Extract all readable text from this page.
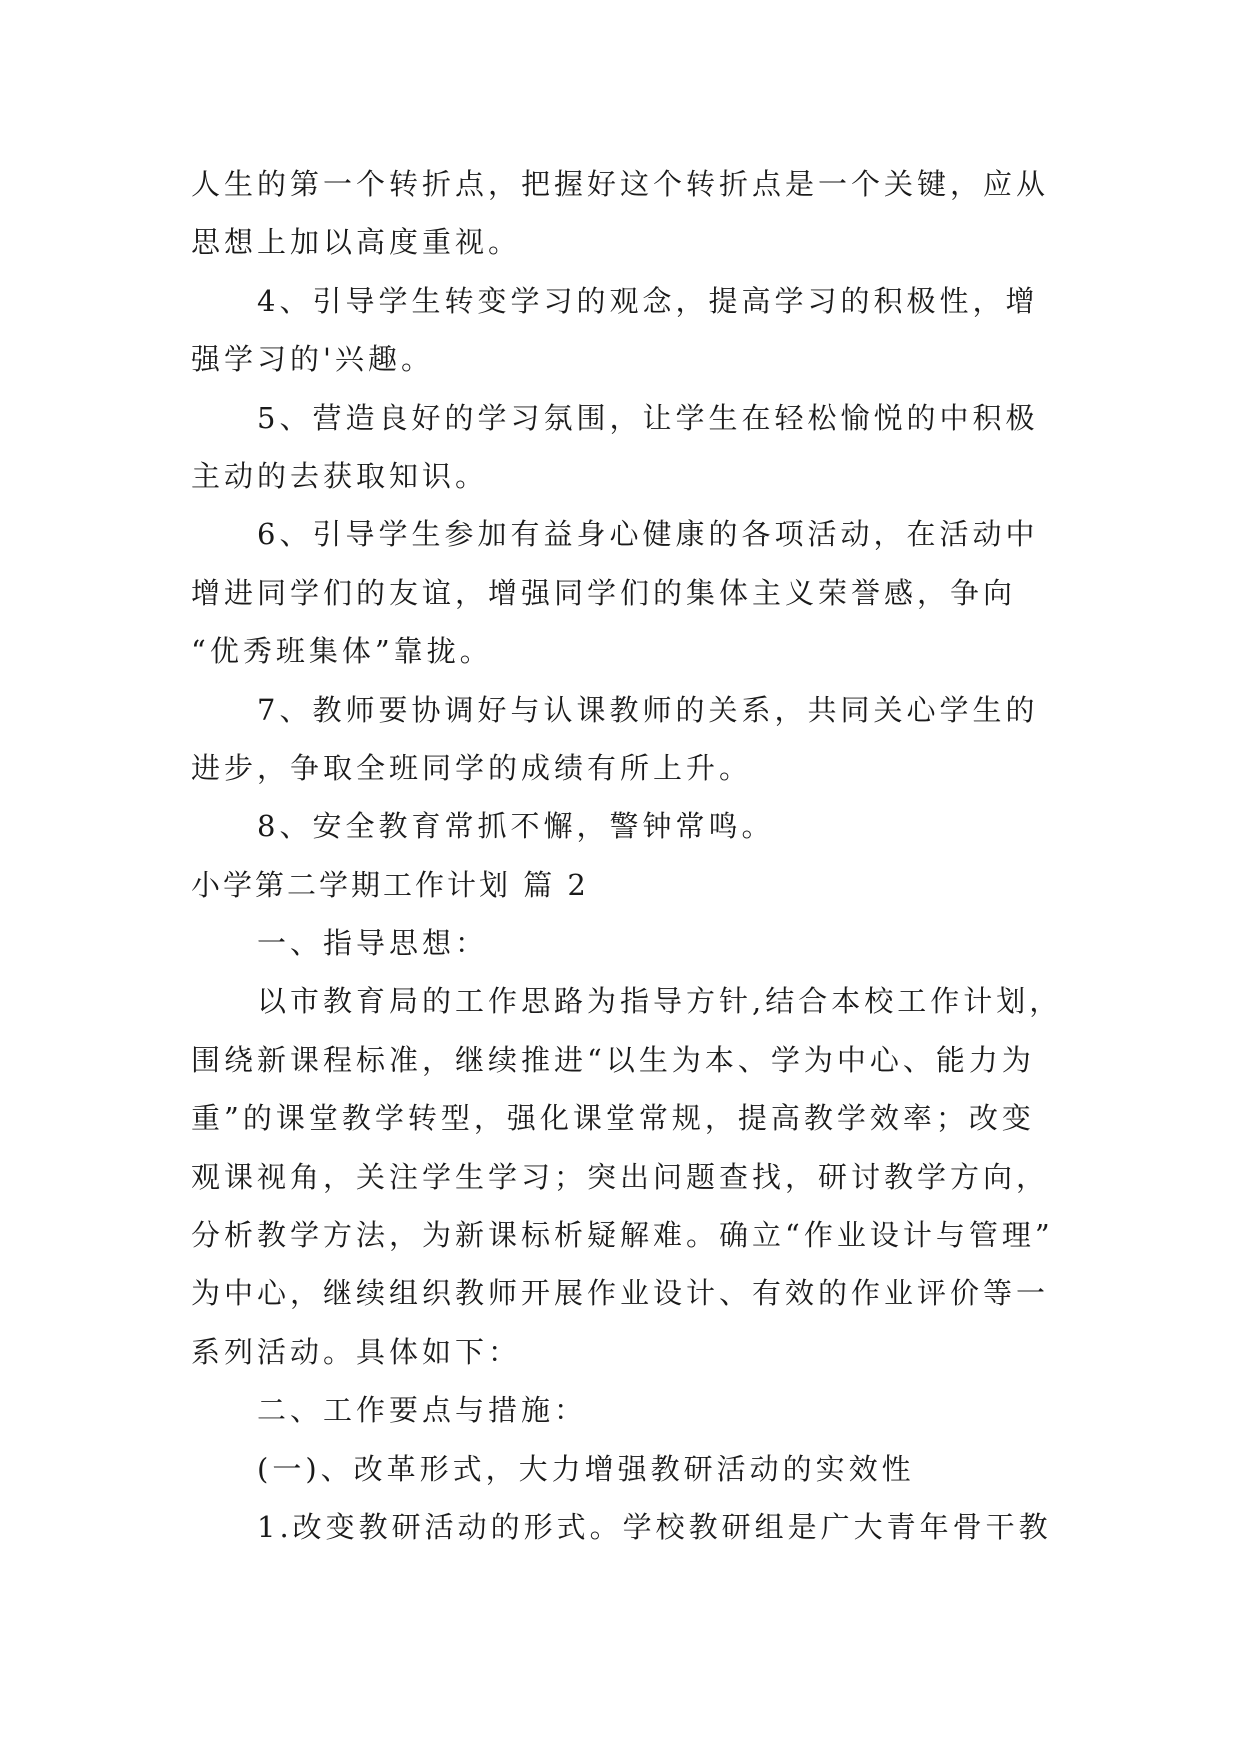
人生的第一个转折点，把握好这个转折点是一个关键，应从
思想上加以高度重视。
4、引导学生转变学习的观念，提高学习的积极性，增
强学习的'兴趣。
5、营造良好的学习氛围，让学生在轻松愉悦的中积极
主动的去获取知识。
6、引导学生参加有益身心健康的各项活动，在活动中
增进同学们的友谊，增强同学们的集体主义荣誉感，争向
“优秀班集体”靠拢。
7、教师要协调好与认课教师的关系，共同关心学生的
进步，争取全班同学的成绩有所上升。
8、安全教育常抓不懈，警钟常鸣。
小学第二学期工作计划 篇 2
一、指导思想：
以市教育局的工作思路为指导方针,结合本校工作计划，
围绕新课程标准，继续推进“以生为本、学为中心、能力为
重”的课堂教学转型，强化课堂常规，提高教学效率；改变
观课视角，关注学生学习；突出问题查找，研讨教学方向，
分析教学方法，为新课标析疑解难。确立“作业设计与管理”
为中心，继续组织教师开展作业设计、有效的作业评价等一
系列活动。具体如下：
二、工作要点与措施：
(一)、改革形式，大力增强教研活动的实效性
1.改变教研活动的形式。学校教研组是广大青年骨干教
